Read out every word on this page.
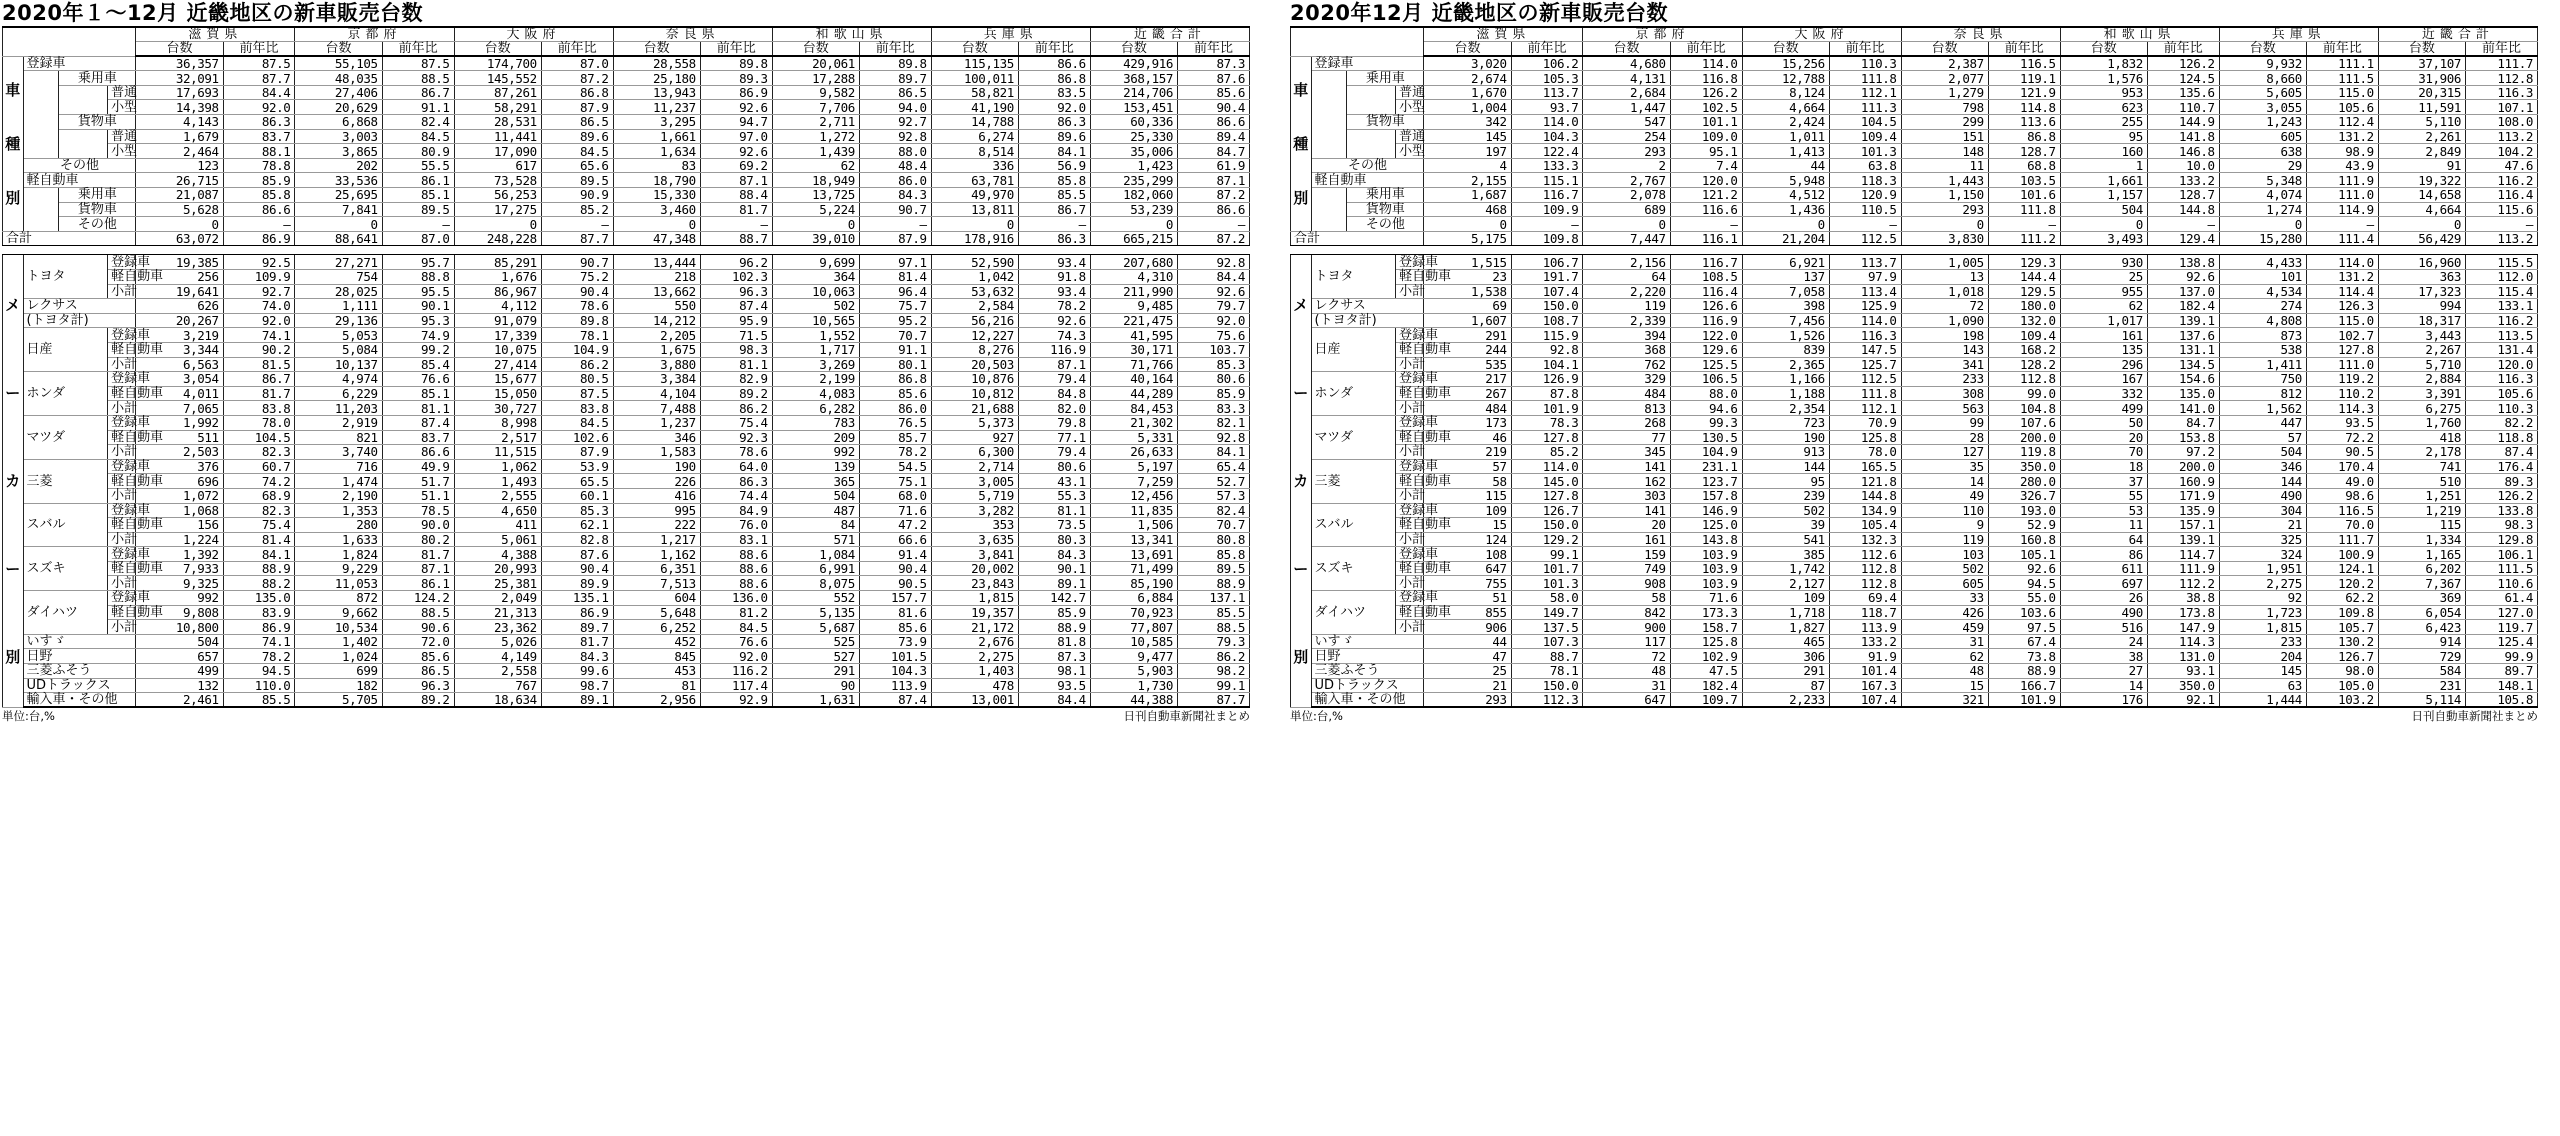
2020年１～12月 近畿地区の新車販売台数
				滋賀県		京都府		大阪府		奈良県		和歌山県		兵庫県		近畿合計	
				台数	前年比	台数	前年比	台数	前年比	台数	前年比	台数	前年比	台数	前年比	台数	前年比
車種別	登録車			36,357	87.5	55,105	87.5	174,700	87.0	28,558	89.8	20,061	89.8	115,135	86.6	429,916	87.3
		乗用車		32,091	87.7	48,035	88.5	145,552	87.2	25,180	89.3	17,288	89.7	100,011	86.8	368,157	87.6
			普通	17,693	84.4	27,406	86.7	87,261	86.8	13,943	86.9	9,582	86.5	58,821	83.5	214,706	85.6
			小型	14,398	92.0	20,629	91.1	58,291	87.9	11,237	92.6	7,706	94.0	41,190	92.0	153,451	90.4
		貨物車		4,143	86.3	6,868	82.4	28,531	86.5	3,295	94.7	2,711	92.7	14,788	86.3	60,336	86.6
			普通	1,679	83.7	3,003	84.5	11,441	89.6	1,661	97.0	1,272	92.8	6,274	89.6	25,330	89.4
			小型	2,464	88.1	3,865	80.9	17,090	84.5	1,634	92.6	1,439	88.0	8,514	84.1	35,006	84.7
	その他			123	78.8	202	55.5	617	65.6	83	69.2	62	48.4	336	56.9	1,423	61.9
	軽自動車			26,715	85.9	33,536	86.1	73,528	89.5	18,790	87.1	18,949	86.0	63,781	85.8	235,299	87.1
		乗用車		21,087	85.8	25,695	85.1	56,253	90.9	15,330	88.4	13,725	84.3	49,970	85.5	182,060	87.2
		貨物車		5,628	86.6	7,841	89.5	17,275	85.2	3,460	81.7	5,224	90.7	13,811	86.7	53,239	86.6
		その他		0	―	0	―	0	―	0	―	0	―	0	―	0	―
合計				63,072	86.9	88,641	87.0	248,228	87.7	47,348	88.7	39,010	87.9	178,916	86.3	665,215	87.2

メーカー別	トヨタ		登録車	19,385	92.5	27,271	95.7	85,291	90.7	13,444	96.2	9,699	97.1	52,590	93.4	207,680	92.8
			軽自動車	256	109.9	754	88.8	1,676	75.2	218	102.3	364	81.4	1,042	91.8	4,310	84.4
			小計	19,641	92.7	28,025	95.5	86,967	90.4	13,662	96.3	10,063	96.4	53,632	93.4	211,990	92.6
	レクサス			626	74.0	1,111	90.1	4,112	78.6	550	87.4	502	75.7	2,584	78.2	9,485	79.7
	(トヨタ計)			20,267	92.0	29,136	95.3	91,079	89.8	14,212	95.9	10,565	95.2	56,216	92.6	221,475	92.0
	日産		登録車	3,219	74.1	5,053	74.9	17,339	78.1	2,205	71.5	1,552	70.7	12,227	74.3	41,595	75.6
			軽自動車	3,344	90.2	5,084	99.2	10,075	104.9	1,675	98.3	1,717	91.1	8,276	116.9	30,171	103.7
			小計	6,563	81.5	10,137	85.4	27,414	86.2	3,880	81.1	3,269	80.1	20,503	87.1	71,766	85.3
	ホンダ		登録車	3,054	86.7	4,974	76.6	15,677	80.5	3,384	82.9	2,199	86.8	10,876	79.4	40,164	80.6
			軽自動車	4,011	81.7	6,229	85.1	15,050	87.5	4,104	89.2	4,083	85.6	10,812	84.8	44,289	85.9
			小計	7,065	83.8	11,203	81.1	30,727	83.8	7,488	86.2	6,282	86.0	21,688	82.0	84,453	83.3
	マツダ		登録車	1,992	78.0	2,919	87.4	8,998	84.5	1,237	75.4	783	76.5	5,373	79.8	21,302	82.1
			軽自動車	511	104.5	821	83.7	2,517	102.6	346	92.3	209	85.7	927	77.1	5,331	92.8
			小計	2,503	82.3	3,740	86.6	11,515	87.9	1,583	78.6	992	78.2	6,300	79.4	26,633	84.1
	三菱		登録車	376	60.7	716	49.9	1,062	53.9	190	64.0	139	54.5	2,714	80.6	5,197	65.4
			軽自動車	696	74.2	1,474	51.7	1,493	65.5	226	86.3	365	75.1	3,005	43.1	7,259	52.7
			小計	1,072	68.9	2,190	51.1	2,555	60.1	416	74.4	504	68.0	5,719	55.3	12,456	57.3
	スバル		登録車	1,068	82.3	1,353	78.5	4,650	85.3	995	84.9	487	71.6	3,282	81.1	11,835	82.4
			軽自動車	156	75.4	280	90.0	411	62.1	222	76.0	84	47.2	353	73.5	1,506	70.7
			小計	1,224	81.4	1,633	80.2	5,061	82.8	1,217	83.1	571	66.6	3,635	80.3	13,341	80.8
	スズキ		登録車	1,392	84.1	1,824	81.7	4,388	87.6	1,162	88.6	1,084	91.4	3,841	84.3	13,691	85.8
			軽自動車	7,933	88.9	9,229	87.1	20,993	90.4	6,351	88.6	6,991	90.4	20,002	90.1	71,499	89.5
			小計	9,325	88.2	11,053	86.1	25,381	89.9	7,513	88.6	8,075	90.5	23,843	89.1	85,190	88.9
	ダイハツ		登録車	992	135.0	872	124.2	2,049	135.1	604	136.0	552	157.7	1,815	142.7	6,884	137.1
			軽自動車	9,808	83.9	9,662	88.5	21,313	86.9	5,648	81.2	5,135	81.6	19,357	85.9	70,923	85.5
			小計	10,800	86.9	10,534	90.6	23,362	89.7	6,252	84.5	5,687	85.6	21,172	88.9	77,807	88.5
	いすゞ			504	74.1	1,402	72.0	5,026	81.7	452	76.6	525	73.9	2,676	81.8	10,585	79.3
	日野			657	78.2	1,024	85.6	4,149	84.3	845	92.0	527	101.5	2,275	87.3	9,477	86.2
	三菱ふそう			499	94.5	699	86.5	2,558	99.6	453	116.2	291	104.3	1,403	98.1	5,903	98.2
	UDトラックス			132	110.0	182	96.3	767	98.7	81	117.4	90	113.9	478	93.5	1,730	99.1
	輸入車・その他			2,461	85.5	5,705	89.2	18,634	89.1	2,956	92.9	1,631	87.4	13,001	84.4	44,388	87.7
単位:台,%	日刊自動車新聞社まとめ
2020年12月 近畿地区の新車販売台数
				滋賀県		京都府		大阪府		奈良県		和歌山県		兵庫県		近畿合計	
				台数	前年比	台数	前年比	台数	前年比	台数	前年比	台数	前年比	台数	前年比	台数	前年比
車種別	登録車			3,020	106.2	4,680	114.0	15,256	110.3	2,387	116.5	1,832	126.2	9,932	111.1	37,107	111.7
		乗用車		2,674	105.3	4,131	116.8	12,788	111.8	2,077	119.1	1,576	124.5	8,660	111.5	31,906	112.8
			普通	1,670	113.7	2,684	126.2	8,124	112.1	1,279	121.9	953	135.6	5,605	115.0	20,315	116.3
			小型	1,004	93.7	1,447	102.5	4,664	111.3	798	114.8	623	110.7	3,055	105.6	11,591	107.1
		貨物車		342	114.0	547	101.1	2,424	104.5	299	113.6	255	144.9	1,243	112.4	5,110	108.0
			普通	145	104.3	254	109.0	1,011	109.4	151	86.8	95	141.8	605	131.2	2,261	113.2
			小型	197	122.4	293	95.1	1,413	101.3	148	128.7	160	146.8	638	98.9	2,849	104.2
	その他			4	133.3	2	7.4	44	63.8	11	68.8	1	10.0	29	43.9	91	47.6
	軽自動車			2,155	115.1	2,767	120.0	5,948	118.3	1,443	103.5	1,661	133.2	5,348	111.9	19,322	116.2
		乗用車		1,687	116.7	2,078	121.2	4,512	120.9	1,150	101.6	1,157	128.7	4,074	111.0	14,658	116.4
		貨物車		468	109.9	689	116.6	1,436	110.5	293	111.8	504	144.8	1,274	114.9	4,664	115.6
		その他		0	―	0	―	0	―	0	―	0	―	0	―	0	―
合計				5,175	109.8	7,447	116.1	21,204	112.5	3,830	111.2	3,493	129.4	15,280	111.4	56,429	113.2

メーカー別	トヨタ		登録車	1,515	106.7	2,156	116.7	6,921	113.7	1,005	129.3	930	138.8	4,433	114.0	16,960	115.5
			軽自動車	23	191.7	64	108.5	137	97.9	13	144.4	25	92.6	101	131.2	363	112.0
			小計	1,538	107.4	2,220	116.4	7,058	113.4	1,018	129.5	955	137.0	4,534	114.4	17,323	115.4
	レクサス			69	150.0	119	126.6	398	125.9	72	180.0	62	182.4	274	126.3	994	133.1
	(トヨタ計)			1,607	108.7	2,339	116.9	7,456	114.0	1,090	132.0	1,017	139.1	4,808	115.0	18,317	116.2
	日産		登録車	291	115.9	394	122.0	1,526	116.3	198	109.4	161	137.6	873	102.7	3,443	113.5
			軽自動車	244	92.8	368	129.6	839	147.5	143	168.2	135	131.1	538	127.8	2,267	131.4
			小計	535	104.1	762	125.5	2,365	125.7	341	128.2	296	134.5	1,411	111.0	5,710	120.0
	ホンダ		登録車	217	126.9	329	106.5	1,166	112.5	233	112.8	167	154.6	750	119.2	2,884	116.3
			軽自動車	267	87.8	484	88.0	1,188	111.8	308	99.0	332	135.0	812	110.2	3,391	105.6
			小計	484	101.9	813	94.6	2,354	112.1	563	104.8	499	141.0	1,562	114.3	6,275	110.3
	マツダ		登録車	173	78.3	268	99.3	723	70.9	99	107.6	50	84.7	447	93.5	1,760	82.2
			軽自動車	46	127.8	77	130.5	190	125.8	28	200.0	20	153.8	57	72.2	418	118.8
			小計	219	85.2	345	104.9	913	78.0	127	119.8	70	97.2	504	90.5	2,178	87.4
	三菱		登録車	57	114.0	141	231.1	144	165.5	35	350.0	18	200.0	346	170.4	741	176.4
			軽自動車	58	145.0	162	123.7	95	121.8	14	280.0	37	160.9	144	49.0	510	89.3
			小計	115	127.8	303	157.8	239	144.8	49	326.7	55	171.9	490	98.6	1,251	126.2
	スバル		登録車	109	126.7	141	146.9	502	134.9	110	193.0	53	135.9	304	116.5	1,219	133.8
			軽自動車	15	150.0	20	125.0	39	105.4	9	52.9	11	157.1	21	70.0	115	98.3
			小計	124	129.2	161	143.8	541	132.3	119	160.8	64	139.1	325	111.7	1,334	129.8
	スズキ		登録車	108	99.1	159	103.9	385	112.6	103	105.1	86	114.7	324	100.9	1,165	106.1
			軽自動車	647	101.7	749	103.9	1,742	112.8	502	92.6	611	111.9	1,951	124.1	6,202	111.5
			小計	755	101.3	908	103.9	2,127	112.8	605	94.5	697	112.2	2,275	120.2	7,367	110.6
	ダイハツ		登録車	51	58.0	58	71.6	109	69.4	33	55.0	26	38.8	92	62.2	369	61.4
			軽自動車	855	149.7	842	173.3	1,718	118.7	426	103.6	490	173.8	1,723	109.8	6,054	127.0
			小計	906	137.5	900	158.7	1,827	113.9	459	97.5	516	147.9	1,815	105.7	6,423	119.7
	いすゞ			44	107.3	117	125.8	465	133.2	31	67.4	24	114.3	233	130.2	914	125.4
	日野			47	88.7	72	102.9	306	91.9	62	73.8	38	131.0	204	126.7	729	99.9
	三菱ふそう			25	78.1	48	47.5	291	101.4	48	88.9	27	93.1	145	98.0	584	89.7
	UDトラックス			21	150.0	31	182.4	87	167.3	15	166.7	14	350.0	63	105.0	231	148.1
	輸入車・その他			293	112.3	647	109.7	2,233	107.4	321	101.9	176	92.1	1,444	103.2	5,114	105.8
単位:台,%	日刊自動車新聞社まとめ
